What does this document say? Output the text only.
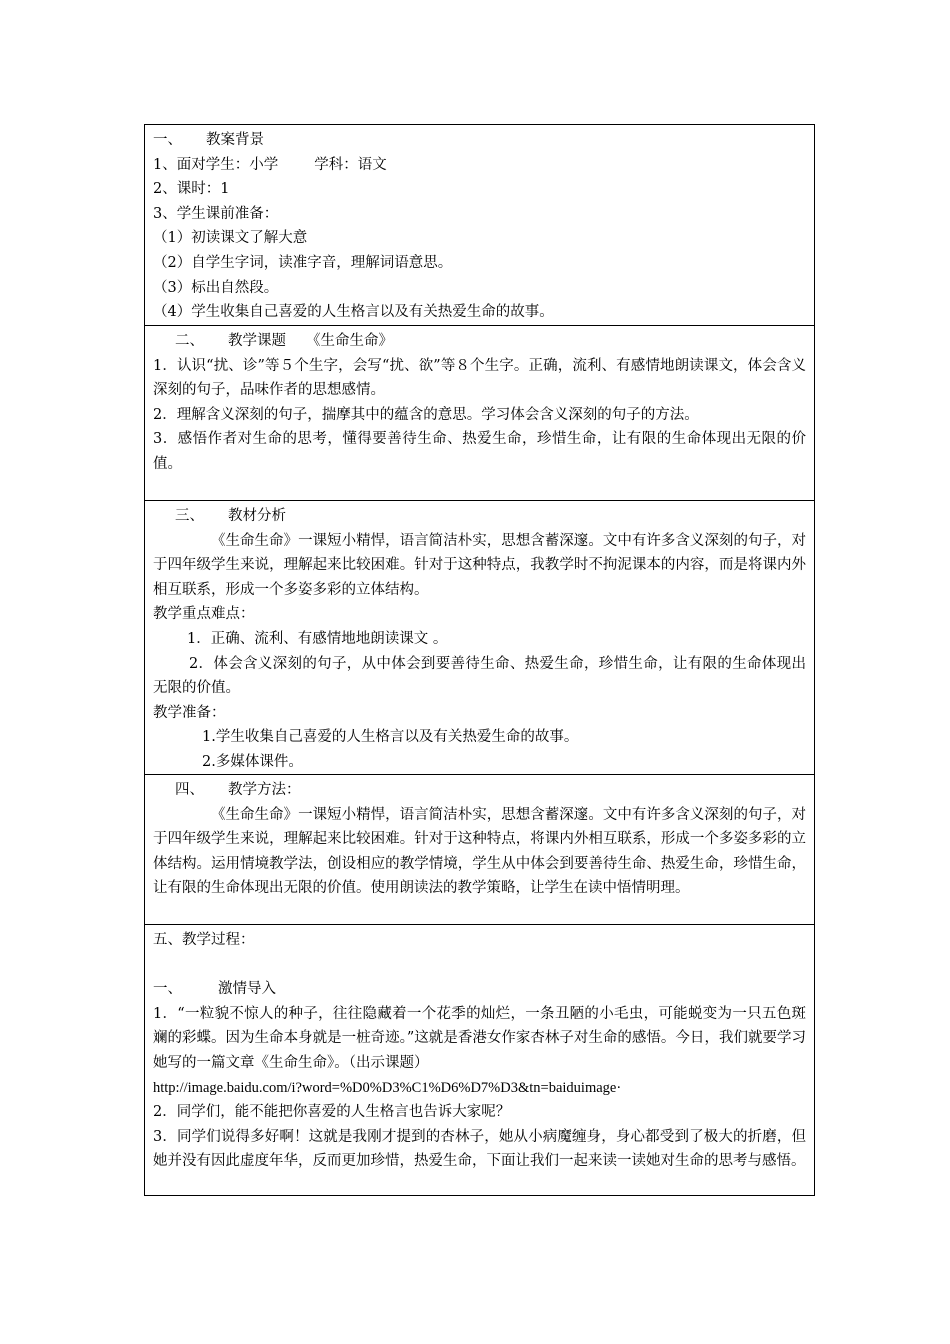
一、 教案背景
1、面对学生：小学 学科：语文
2、课时：1
3、学生课前准备：
（1）初读课文了解大意
（2）自学生字词，读准字音，理解词语意思。
（3）标出自然段。
（4）学生收集自己喜爱的人生格言以及有关热爱生命的故事。
二、 教学课题 《生命生命》
1．认识“扰、诊”等５个生字，会写“扰、欲”等８个生字。正确，流利、有感情地朗读课文，体会含义深刻的句子，品味作者的思想感情。
2．理解含义深刻的句子，揣摩其中的蕴含的意思。学习体会含义深刻的句子的方法。
3．感悟作者对生命的思考，懂得要善待生命、热爱生命，珍惜生命，让有限的生命体现出无限的价值。
三、 教材分析
《生命生命》一课短小精悍，语言简洁朴实，思想含蓄深邃。文中有许多含义深刻的句子，对于四年级学生来说，理解起来比较困难。针对于这种特点，我教学时不拘泥课本的内容，而是将课内外相互联系，形成一个多姿多彩的立体结构。
教学重点难点：
1．正确、流利、有感情地地朗读课文 。
2．体会含义深刻的句子，从中体会到要善待生命、热爱生命，珍惜生命，让有限的生命体现出无限的价值。
教学准备：
1.学生收集自己喜爱的人生格言以及有关热爱生命的故事。
2.多媒体课件。
四、 教学方法：
《生命生命》一课短小精悍，语言简洁朴实，思想含蓄深邃。文中有许多含义深刻的句子，对于四年级学生来说，理解起来比较困难。针对于这种特点，将课内外相互联系，形成一个多姿多彩的立体结构。运用情境教学法，创设相应的教学情境，学生从中体会到要善待生命、热爱生命，珍惜生命，让有限的生命体现出无限的价值。使用朗读法的教学策略，让学生在读中悟情明理。
五、教学过程：
一、 激情导入
1．“一粒貌不惊人的种子，往往隐藏着一个花季的灿烂，一条丑陋的小毛虫，可能蜕变为一只五色斑斓的彩蝶。因为生命本身就是一桩奇迹。”这就是香港女作家杏林子对生命的感悟。今日，我们就要学习她写的一篇文章《生命生命》。（出示课题）
http://image.baidu.com/i?word=%D0%D3%C1%D6%D7%D3&tn=baiduimage·
2．同学们，能不能把你喜爱的人生格言也告诉大家呢？
3．同学们说得多好啊！这就是我刚才提到的杏林子，她从小病魔缠身，身心都受到了极大的折磨，但她并没有因此虚度年华，反而更加珍惜，热爱生命，下面让我们一起来读一读她对生命的思考与感悟。
